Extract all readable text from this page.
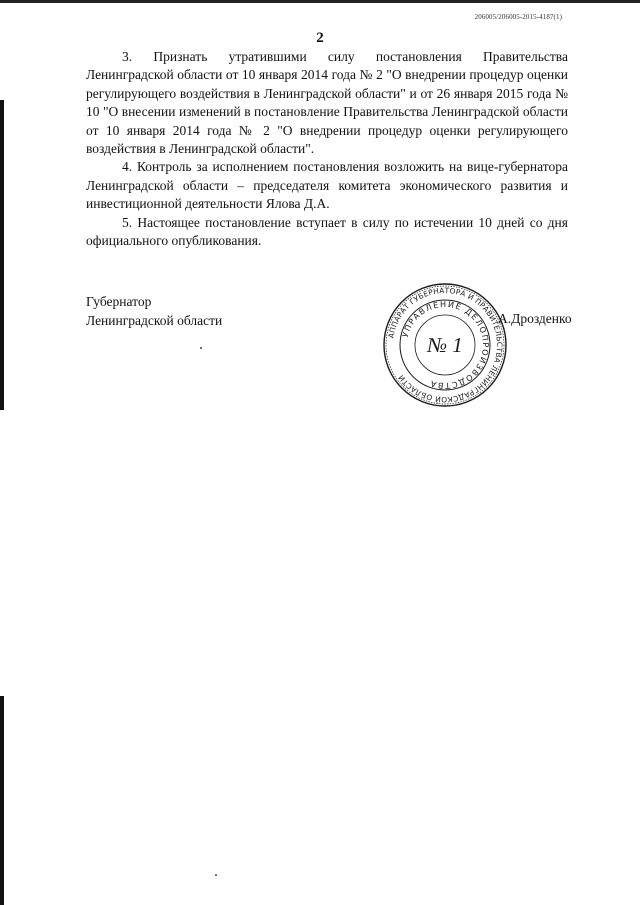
206005/206005-2015-4187(1)
2

3. Признать утратившими силу постановления Правительства Ленинградской области от 10 января 2014 года № 2 "О внедрении процедур оценки регулирующего воздействия в Ленинградской области" и от 26 января 2015 года № 10 "О внесении изменений в постановление Правительства Ленинградской области от 10 января 2014 года № 2 "О внедрении процедур оценки регулирующего воздействия в Ленинградской области".

4. Контроль за исполнением постановления возложить на вице-губернатора Ленинградской области – председателя комитета экономического развития и инвестиционной деятельности Ялова Д.А.

5. Настоящее постановление вступает в силу по истечении 10 дней со дня официального опубликования.

Губернатор
Ленинградской области
АППАРАТ ГУБЕРНАТОРА И ПРАВИТЕЛЬСТВА ЛЕНИНГРАДСКОЙ ОБЛАСТИ
УПРАВЛЕНИЕ ДЕЛОПРОИЗВОДСТВА
№ 1
А.Дрозденко
